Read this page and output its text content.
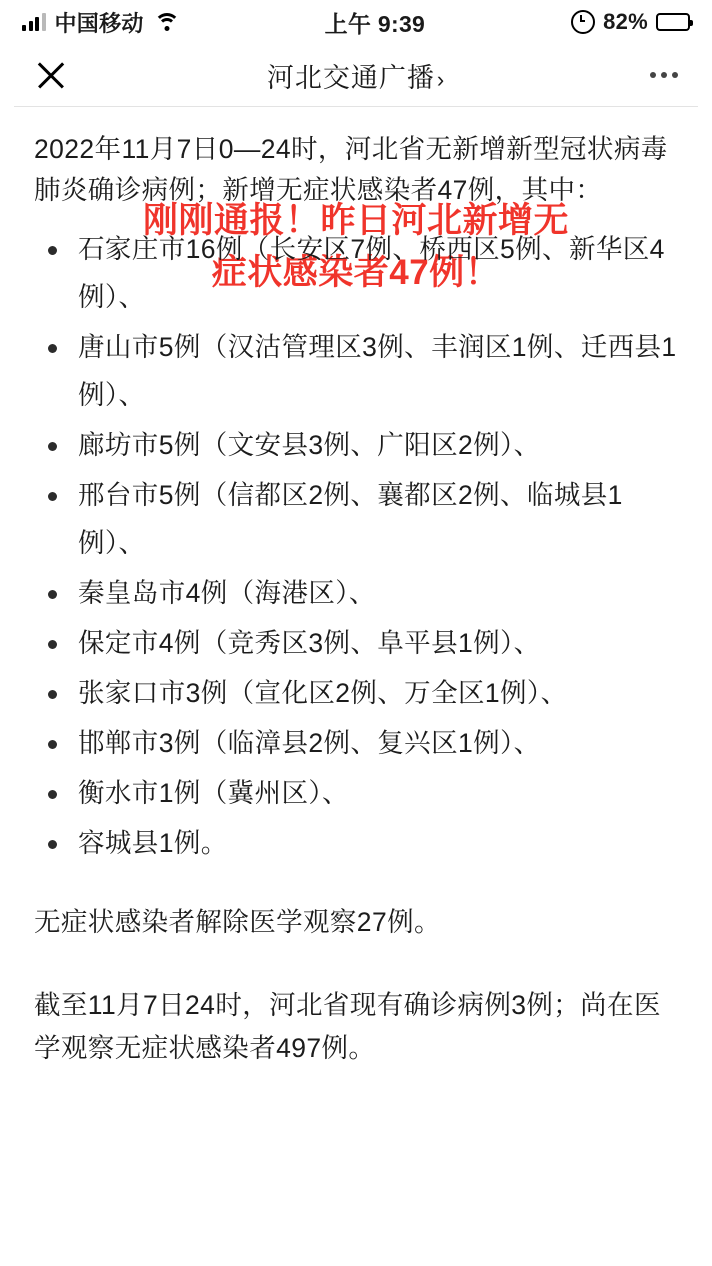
中国移动	上午 9:39	82%
河北交通广播›

2022年11月7日0—24时，河北省无新增新型冠状病毒肺炎确诊病例；新增无症状感染者47例，其中：

刚刚通报！昨日河北新增无
症状感染者47例！
石家庄市16例（长安区7例、桥西区5例、新华区4例）、
唐山市5例（汉沽管理区3例、丰润区1例、迁西县1例）、
廊坊市5例（文安县3例、广阳区2例）、
邢台市5例（信都区2例、襄都区2例、临城县1例）、
秦皇岛市4例（海港区）、
保定市4例（竞秀区3例、阜平县1例）、
张家口市3例（宣化区2例、万全区1例）、
邯郸市3例（临漳县2例、复兴区1例）、
衡水市1例（冀州区）、
容城县1例。

无症状感染者解除医学观察27例。

截至11月7日24时，河北省现有确诊病例3例；尚在医学观察无症状感染者497例。
